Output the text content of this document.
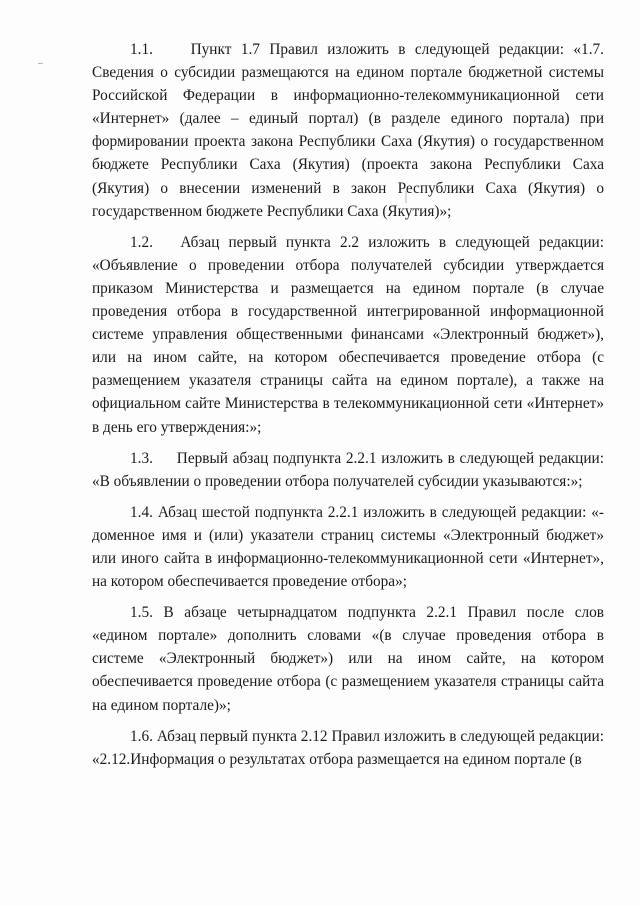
1.1. Пункт 1.7 Правил изложить в следующей редакции: «1.7. Сведения о субсидии размещаются на едином портале бюджетной системы Российской Федерации в информационно-телекоммуникационной сети «Интернет» (далее – единый портал) (в разделе единого портала) при формировании проекта закона Республики Саха (Якутия) о государственном бюджете Республики Саха (Якутия) (проекта закона Республики Саха (Якутия) о внесении изменений в закон Республики Саха (Якутия) о государственном бюджете Республики Саха (Якутия)»;

1.2. Абзац первый пункта 2.2 изложить в следующей редакции: «Объявление о проведении отбора получателей субсидии утверждается приказом Министерства и размещается на едином портале (в случае проведения отбора в государственной интегрированной информационной системе управления общественными финансами «Электронный бюджет»), или на ином сайте, на котором обеспечивается проведение отбора (с размещением указателя страницы сайта на едином портале), а также на официальном сайте Министерства в телекоммуникационной сети «Интернет» в день его утверждения:»;

1.3. Первый абзац подпункта 2.2.1 изложить в следующей редакции: «В объявлении о проведении отбора получателей субсидии указываются:»;

1.4. Абзац шестой подпункта 2.2.1 изложить в следующей редакции: «- доменное имя и (или) указатели страниц системы «Электронный бюджет» или иного сайта в информационно-телекоммуникационной сети «Интернет», на котором обеспечивается проведение отбора»;

1.5. В абзаце четырнадцатом подпункта 2.2.1 Правил после слов «едином портале» дополнить словами «(в случае проведения отбора в системе «Электронный бюджет») или на ином сайте, на котором обеспечивается проведение отбора (с размещением указателя страницы сайта на едином портале)»;

1.6. Абзац первый пункта 2.12 Правил изложить в следующей редакции: «2.12.Информация о результатах отбора размещается на едином портале (в
